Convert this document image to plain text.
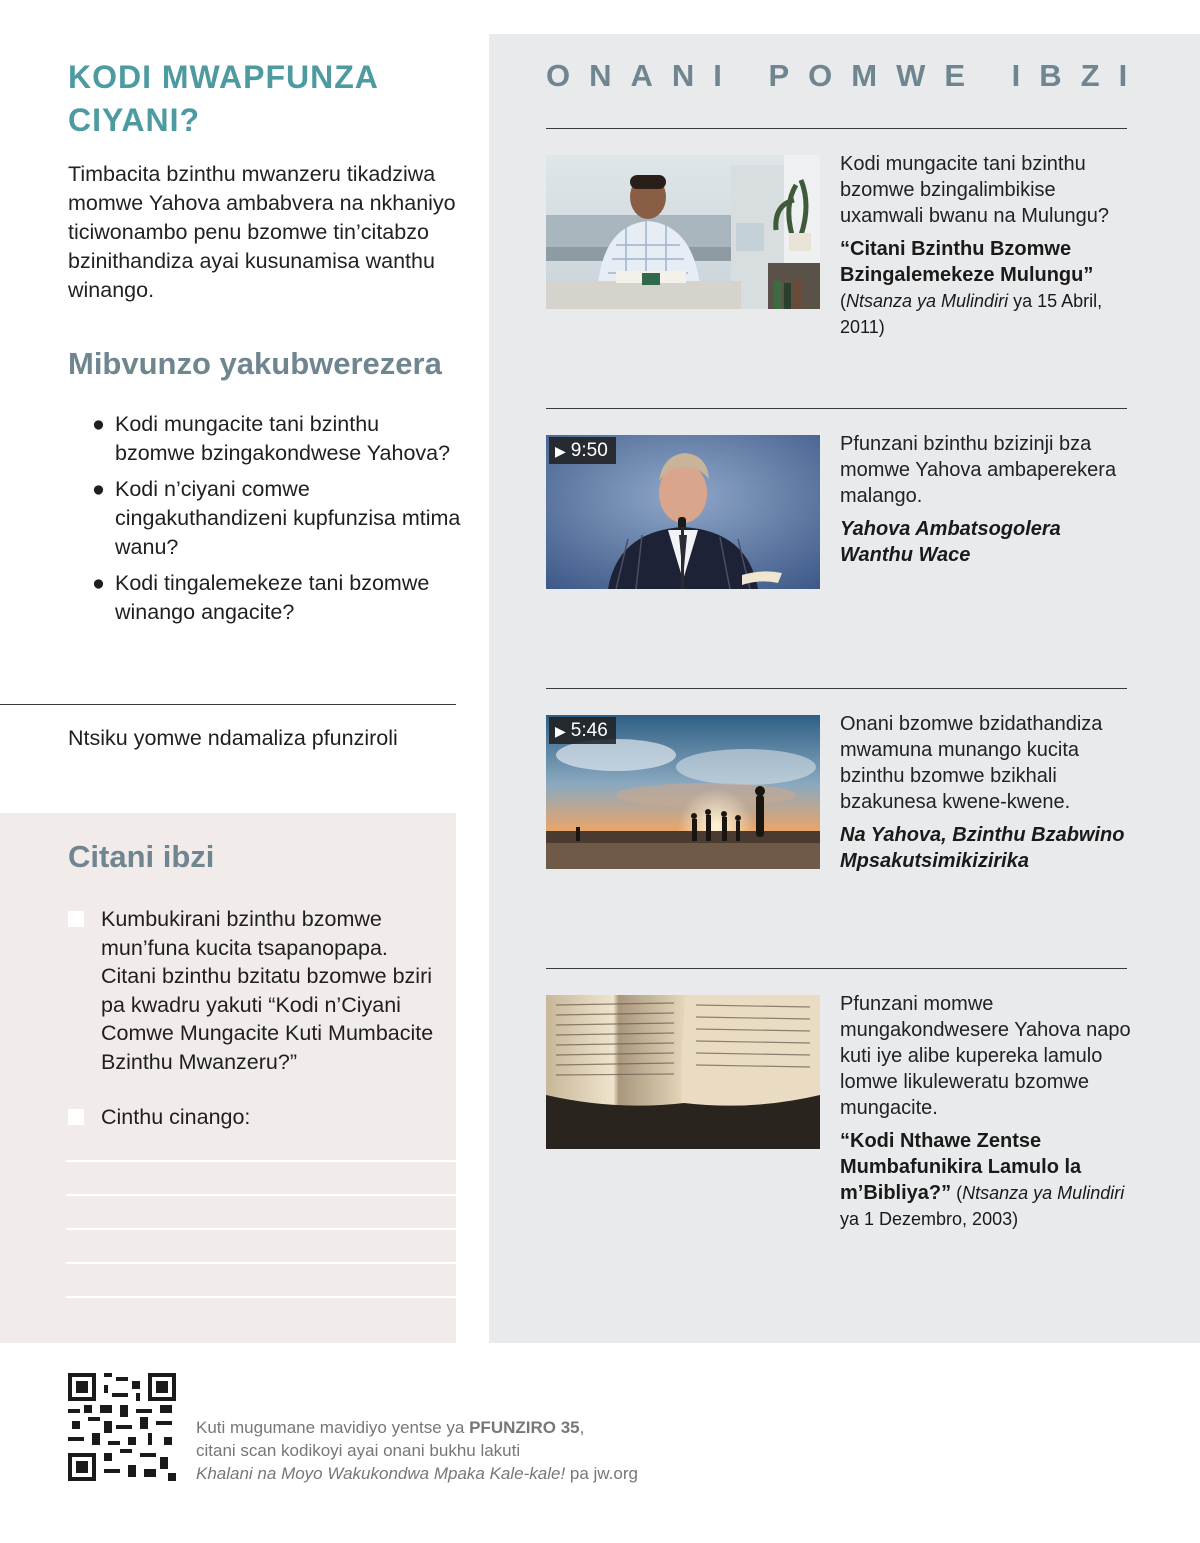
KODI MWAPFUNZA CIYANI?

Timbacita bzinthu mwanzeru tikadziwa momwe Yahova ambabvera na nkhaniyo ticiwonambo penu bzomwe tin’citabzo bzinithandiza ayai kusunamisa wanthu winango.

Mibvunzo yakubwerezera
● Kodi mungacite tani bzinthu bzomwe bzingakondwese Yahova?
● Kodi n’ciyani comwe cingakuthandizeni kupfunzisa mtima wanu?
● Kodi tingalemekeze tani bzomwe winango angacite?
Ntsiku yomwe ndamaliza pfunziroli
Citani ibzi
Kumbukirani bzinthu bzomwe mun’funa kucita tsapanopapa. Citani bzinthu bzitatu bzomwe bziri pa kwadru yakuti “Kodi n’Ciyani Comwe Mungacite Kuti Mumbacite Bzinthu Mwanzeru?”
Cinthu cinango:
ONANI POMWE IBZI
Kodi mungacite tani bzinthu bzomwe bzingalimbikise uxamwali bwanu na Mulungu?
“Citani Bzinthu Bzomwe Bzingalemekeze Mulungu” (Ntsanza ya Mulindiri ya 15 Abril, 2011)
▶ 9:50	Pfunzani bzinthu bzizinji bza momwe Yahova ambaperekera malango.
Yahova Ambatsogolera Wanthu Wace
▶ 5:46	Onani bzomwe bzidathandiza mwamuna munango kucita bzinthu bzomwe bzikhali bzakunesa kwene-kwene.
Na Yahova, Bzinthu Bzabwino Mpsakutsimikizirika
Pfunzani momwe mungakondwesere Yahova napo kuti iye alibe kupereka lamulo lomwe likuleweratu bzomwe mungacite.
“Kodi Nthawe Zentse Mumbafunikira Lamulo la m’Bibliya?” (Ntsanza ya Mulindiri ya 1 Dezembro, 2003)
Kuti mugumane mavidiyo yentse ya PFUNZIRO 35,
citani scan kodikoyi ayai onani bukhu lakuti
Khalani na Moyo Wakukondwa Mpaka Kale-kale! pa jw.org
